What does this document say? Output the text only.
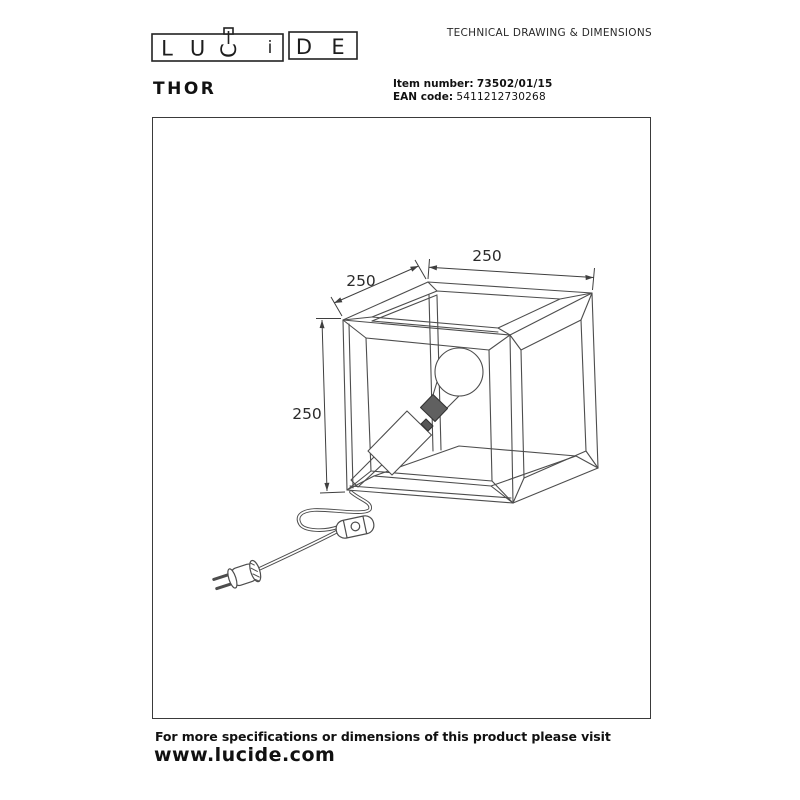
L U C i D E
TECHNICAL DRAWING & DIMENSIONS
THOR	Item number: 73502/01/15
EAN code: 5411212730268
250
250
250
For more specifications or dimensions of this product please visit
www.lucide.com
